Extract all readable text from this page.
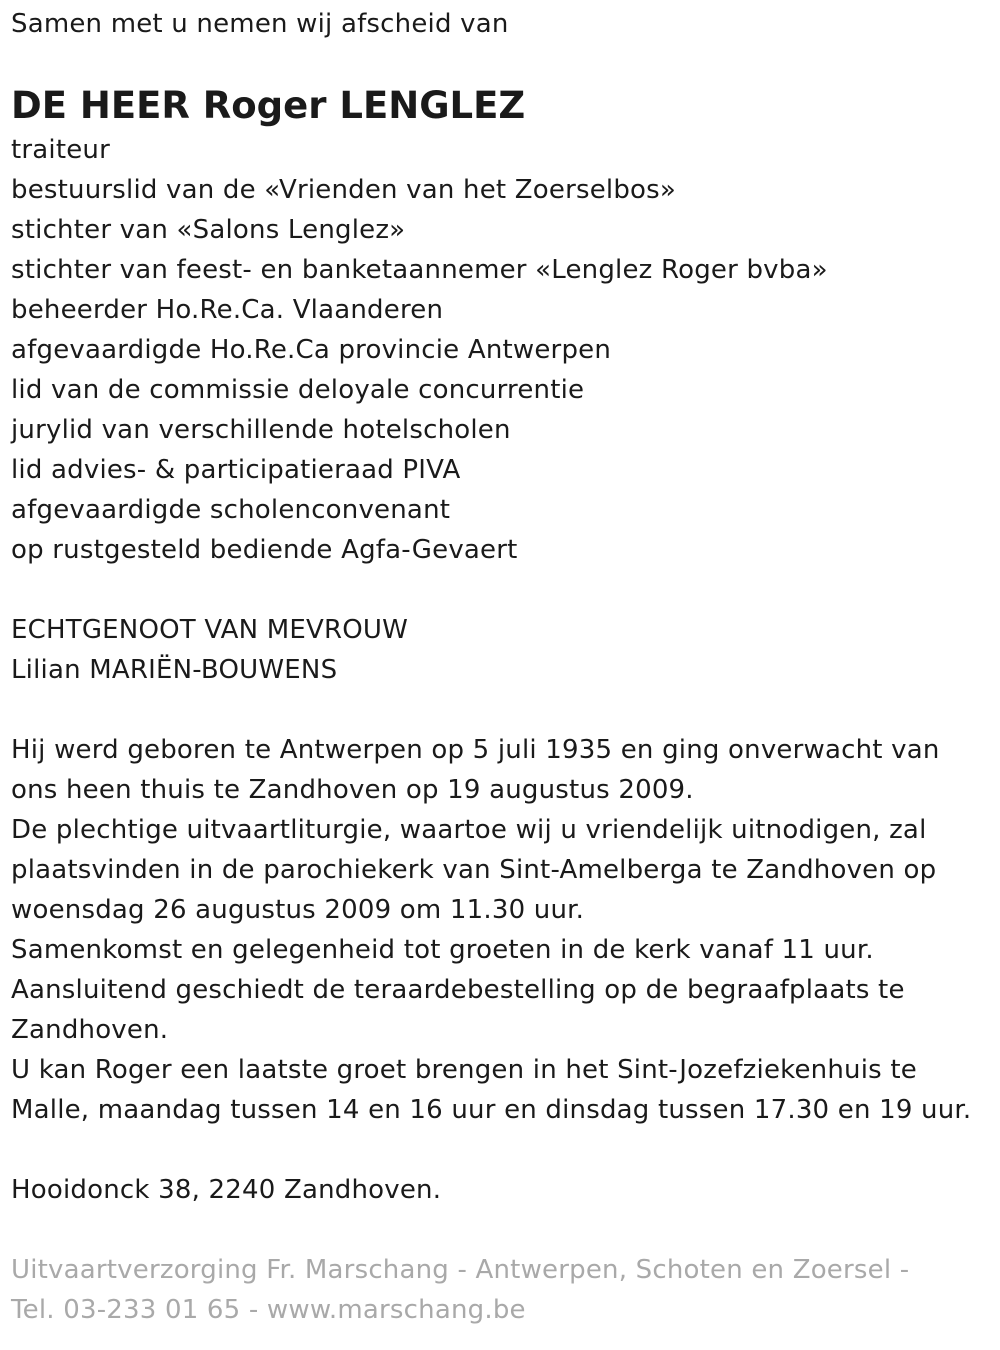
Samen met u nemen wij afscheid van
DE HEER Roger LENGLEZ
traiteur
bestuurslid van de «Vrienden van het Zoerselbos»
stichter van «Salons Lenglez»
stichter van feest- en banketaannemer «Lenglez Roger bvba»
beheerder Ho.Re.Ca. Vlaanderen
afgevaardigde Ho.Re.Ca provincie Antwerpen
lid van de commissie deloyale concurrentie
jurylid van verschillende hotelscholen
lid advies- & participatieraad PIVA
afgevaardigde scholenconvenant
op rustgesteld bediende Agfa-Gevaert
ECHTGENOOT VAN MEVROUW
Lilian MARIËN-BOUWENS
Hij werd geboren te Antwerpen op 5 juli 1935 en ging onverwacht van
ons heen thuis te Zandhoven op 19 augustus 2009.
De plechtige uitvaartliturgie, waartoe wij u vriendelijk uitnodigen, zal
plaatsvinden in de parochiekerk van Sint-Amelberga te Zandhoven op
woensdag 26 augustus 2009 om 11.30 uur.
Samenkomst en gelegenheid tot groeten in de kerk vanaf 11 uur.
Aansluitend geschiedt de teraardebestelling op de begraafplaats te
Zandhoven.
U kan Roger een laatste groet brengen in het Sint-Jozefziekenhuis te
Malle, maandag tussen 14 en 16 uur en dinsdag tussen 17.30 en 19 uur.
Hooidonck 38, 2240 Zandhoven.
Uitvaartverzorging Fr. Marschang - Antwerpen, Schoten en Zoersel -
Tel. 03-233 01 65 - www.marschang.be
